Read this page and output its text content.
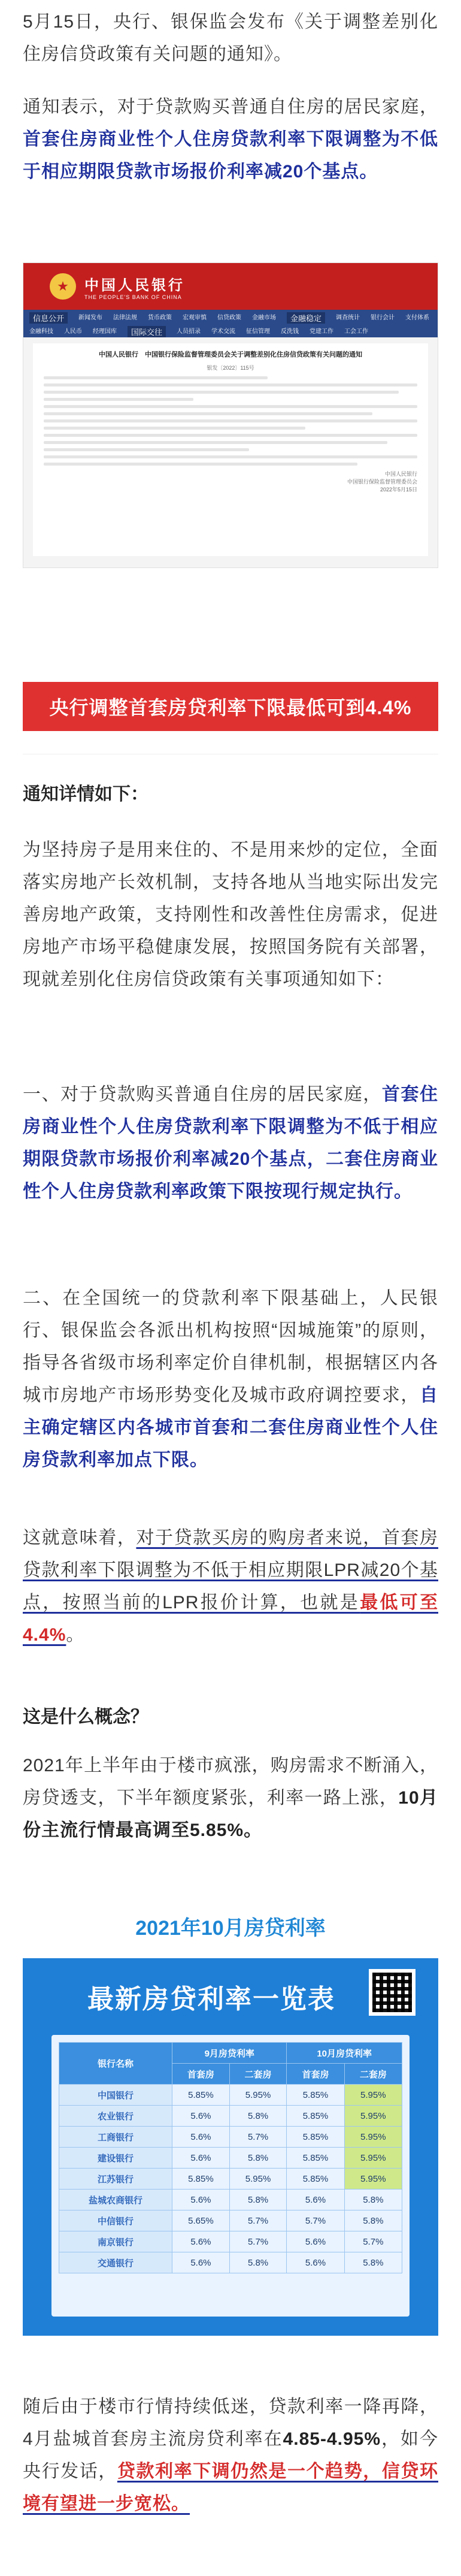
5月15日，央行、银保监会发布《关于调整差别化住房信贷政策有关问题的通知》。

通知表示，对于贷款购买普通自住房的居民家庭，首套住房商业性个人住房贷款利率下限调整为不低于相应期限贷款市场报价利率减20个基点。

★	中国人民银行
THE PEOPLE'S BANK OF CHINA
信息公开	新闻发布 法律法规 货币政策 宏观审慎 信贷政策 金融市场	金融稳定	调查统计 银行会计 支付体系
金融科技 人民币 经理国库	国际交往	人员招录 学术交流 征信管理 反洗钱 党建工作 工会工作
中国人民银行　中国银行保险监督管理委员会关于调整差别化住房信贷政策有关问题的通知
银发〔2022〕115号
中国人民银行
中国银行保险监督管理委员会
2022年5月15日
央行调整首套房贷利率下限最低可到4.4%
通知详情如下：

为坚持房子是用来住的、不是用来炒的定位，全面落实房地产长效机制，支持各地从当地实际出发完善房地产政策，支持刚性和改善性住房需求，促进房地产市场平稳健康发展，按照国务院有关部署，现就差别化住房信贷政策有关事项通知如下：

一、对于贷款购买普通自住房的居民家庭，首套住房商业性个人住房贷款利率下限调整为不低于相应期限贷款市场报价利率减20个基点，二套住房商业性个人住房贷款利率政策下限按现行规定执行。

二、在全国统一的贷款利率下限基础上，人民银行、银保监会各派出机构按照“因城施策”的原则，指导各省级市场利率定价自律机制，根据辖区内各城市房地产市场形势变化及城市政府调控要求，自主确定辖区内各城市首套和二套住房商业性个人住房贷款利率加点下限。

这就意味着，对于贷款买房的购房者来说，首套房贷款利率下限调整为不低于相应期限LPR减20个基点，按照当前的LPR报价计算，也就是最低可至4.4%。

这是什么概念？

2021年上半年由于楼市疯涨，购房需求不断涌入，房贷透支，下半年额度紧张，利率一路上涨，10月份主流行情最高调至5.85%。

2021年10月房贷利率
最新房贷利率一览表
银行名称	9月房贷利率		10月房贷利率	
	首套房	二套房	首套房	二套房
中国银行	5.85%	5.95%	5.85%	5.95%
农业银行	5.6%	5.8%	5.85%	5.95%
工商银行	5.6%	5.7%	5.85%	5.95%
建设银行	5.6%	5.8%	5.85%	5.95%
江苏银行	5.85%	5.95%	5.85%	5.95%
盐城农商银行	5.6%	5.8%	5.6%	5.8%
中信银行	5.65%	5.7%	5.7%	5.8%
南京银行	5.6%	5.7%	5.6%	5.7%
交通银行	5.6%	5.8%	5.6%	5.8%

随后由于楼市行情持续低迷，贷款利率一降再降，4月盐城首套房主流房贷利率在4.85-4.95%，如今央行发话，贷款利率下调仍然是一个趋势，信贷环境有望进一步宽松。
